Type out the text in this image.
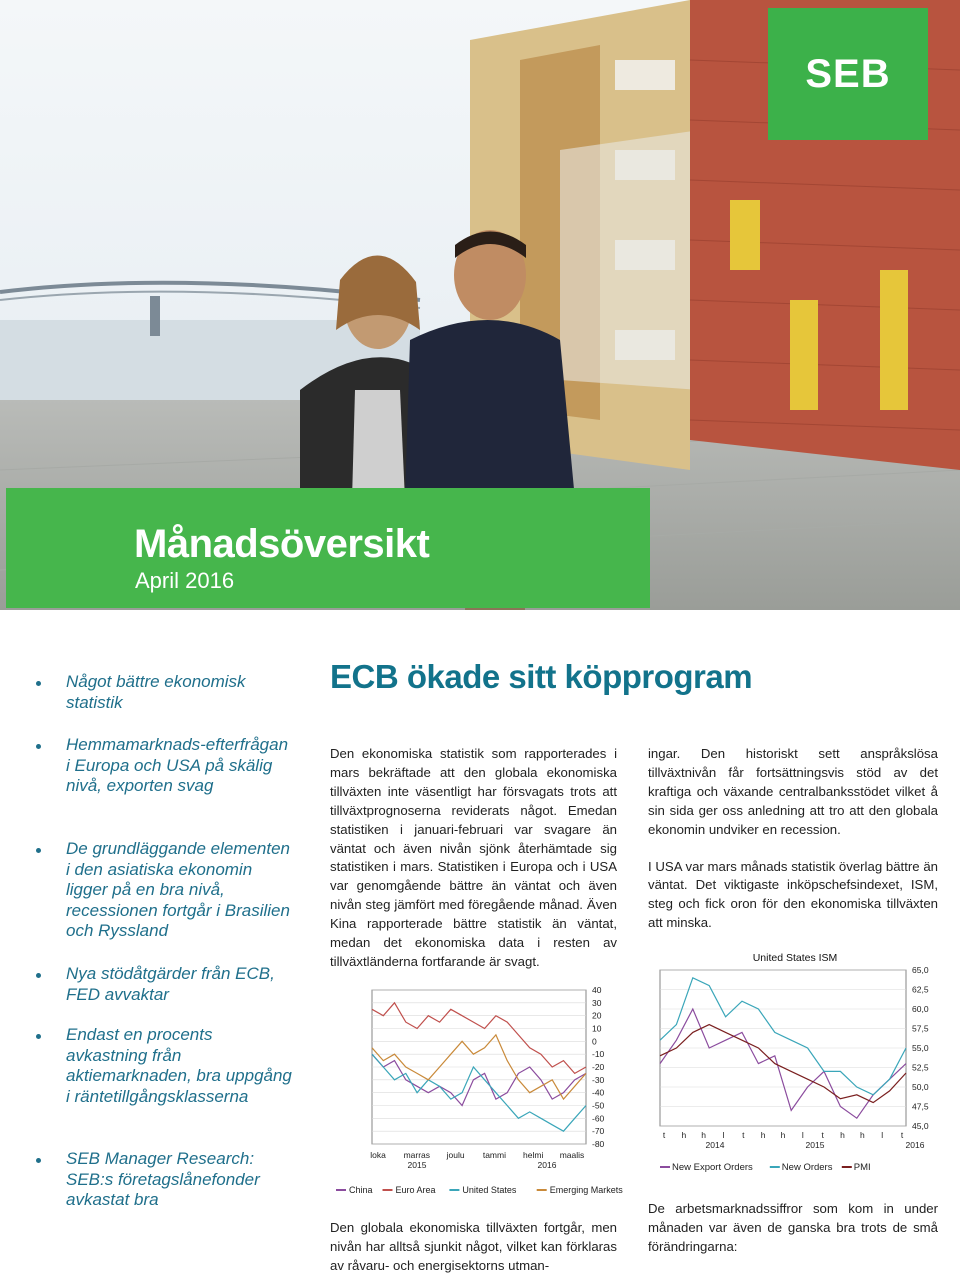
SEB
Månadsöversikt
April 2016
Något bättre ekonomisk statistik
Hemmamarknads-efterfrågan i Europa och USA på skälig nivå, exporten svag
De grundläggande elementen i den asiatiska ekonomin ligger på en bra nivå, recessionen fortgår i Brasilien och Ryssland
Nya stödåtgärder från ECB, FED avvaktar
Endast en procents avkastning från aktiemarknaden, bra uppgång i räntetillgångsklasserna
SEB Manager Research: SEB:s företagslånefonder avkastat bra
ECB ökade sitt köpprogram

Den ekonomiska statistik som rapporterades i mars bekräftade att den globala ekonomiska tillväxten inte väsentligt har försvagats trots att tillväxtprognoserna reviderats något. Emedan statistiken i januari-februari var svagare än väntat och även nivån sjönk återhämtade sig statistiken i mars. Statistiken i Europa och i USA var genomgående bättre än väntat och även nivån steg jämfört med föregående månad. Även Kina rapporterade bättre statistik än väntat, medan det ekonomiska data i resten av tillväxtländerna fortfarande är svagt.

ingar. Den historiskt sett anspråkslösa tillväxtnivån får fortsättningsvis stöd av det kraftiga och växande centralbanksstödet vilket å sin sida ger oss anledning att tro att den globala ekonomin undviker en recession.

I USA var mars månads statistik överlag bättre än väntat. Det viktigaste inköpschefsindexet, ISM, steg och fick oron för den ekonomiska tillväxten att minska.

40
30
20
10
0
-10
-20
-30
-40
-50
-60
-70
-80
loka marras joulu tammi helmi maalis
2015	2016
China	Euro Area	United States	Emerging Markets
United States ISM
65,0
62,5
60,0
57,5
55,0
52,5
50,0
47,5
45,0
t h h l t h h l t h h l t
2014	2015	2016
New Export Orders	New Orders PMI

Den globala ekonomiska tillväxten fortgår, men nivån har alltså sjunkit något, vilket kan förklaras av råvaru- och energisektorns utman-

De arbetsmarknadssiffror som kom in under månaden var även de ganska bra trots de små förändringarna:
